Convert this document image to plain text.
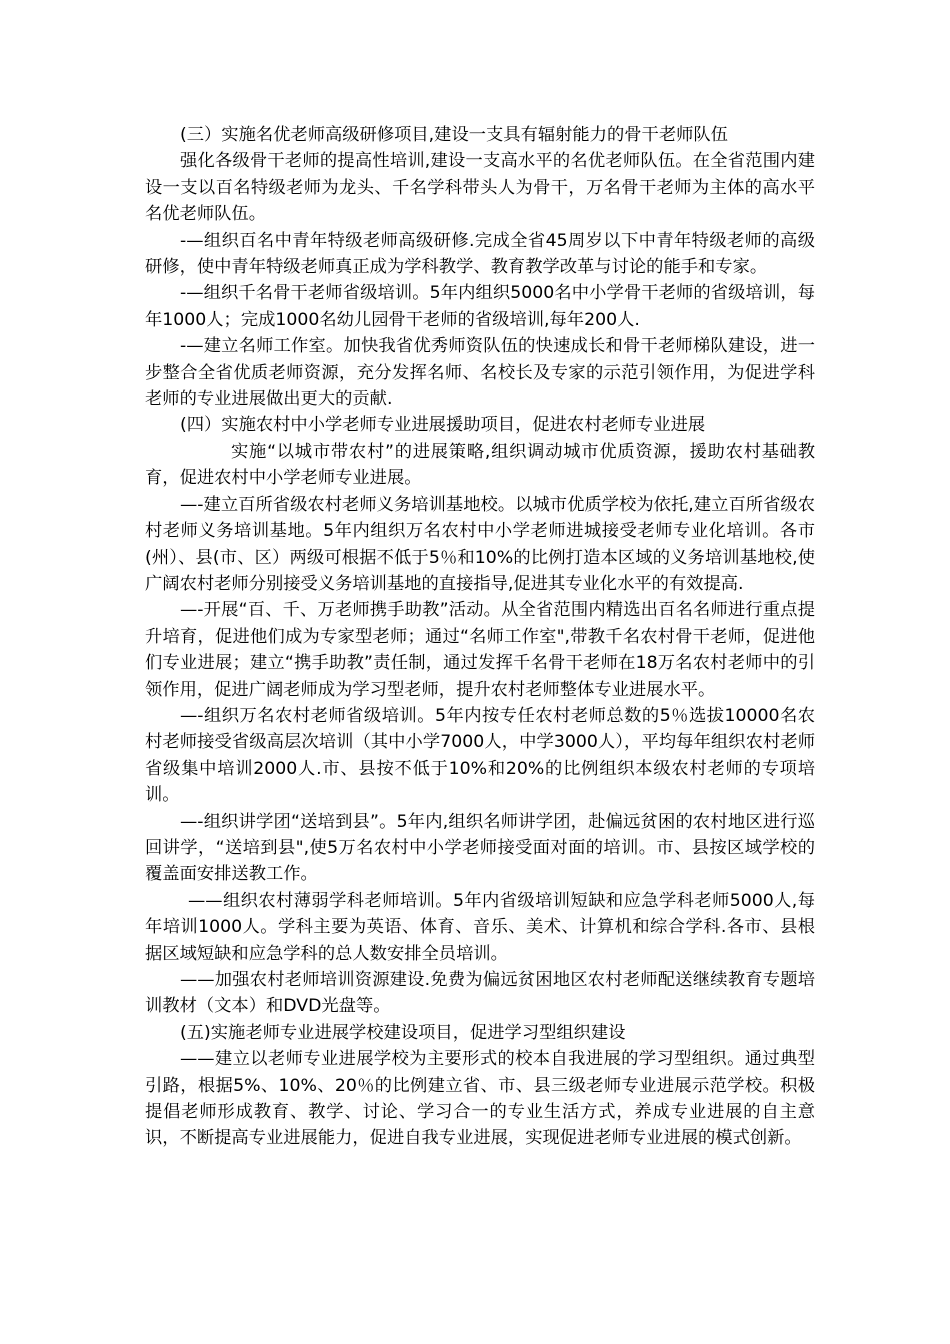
(三）实施名优老师高级研修项目,建设一支具有辐射能力的骨干老师队伍

强化各级骨干老师的提高性培训,建设一支高水平的名优老师队伍。在全省范围内建设一支以百名特级老师为龙头、千名学科带头人为骨干，万名骨干老师为主体的高水平名优老师队伍。

-—组织百名中青年特级老师高级研修.完成全省45周岁以下中青年特级老师的高级研修，使中青年特级老师真正成为学科教学、教育教学改革与讨论的能手和专家。

-—组织千名骨干老师省级培训。5年内组织5000名中小学骨干老师的省级培训，每年1000人；完成1000名幼儿园骨干老师的省级培训,每年200人.

-—建立名师工作室。加快我省优秀师资队伍的快速成长和骨干老师梯队建设，进一步整合全省优质老师资源，充分发挥名师、名校长及专家的示范引领作用，为促进学科老师的专业进展做出更大的贡献.

(四）实施农村中小学老师专业进展援助项目，促进农村老师专业进展

实施“以城市带农村”的进展策略,组织调动城市优质资源，援助农村基础教育，促进农村中小学老师专业进展。

—-建立百所省级农村老师义务培训基地校。以城市优质学校为依托,建立百所省级农村老师义务培训基地。5年内组织万名农村中小学老师进城接受老师专业化培训。各市(州）、县(市、区）两级可根据不低于5％和10%的比例打造本区域的义务培训基地校,使广阔农村老师分别接受义务培训基地的直接指导,促进其专业化水平的有效提高.

—-开展“百、千、万老师携手助教”活动。从全省范围内精选出百名名师进行重点提升培育，促进他们成为专家型老师；通过“名师工作室",带教千名农村骨干老师，促进他们专业进展；建立“携手助教”责任制，通过发挥千名骨干老师在18万名农村老师中的引领作用，促进广阔老师成为学习型老师，提升农村老师整体专业进展水平。

—-组织万名农村老师省级培训。5年内按专任农村老师总数的5％选拔10000名农村老师接受省级高层次培训（其中小学7000人，中学3000人），平均每年组织农村老师省级集中培训2000人.市、县按不低于10%和20%的比例组织本级农村老师的专项培训。

—-组织讲学团“送培到县”。5年内,组织名师讲学团，赴偏远贫困的农村地区进行巡回讲学，“送培到县",使5万名农村中小学老师接受面对面的培训。市、县按区域学校的覆盖面安排送教工作。

——组织农村薄弱学科老师培训。5年内省级培训短缺和应急学科老师5000人,每年培训1000人。学科主要为英语、体育、音乐、美术、计算机和综合学科.各市、县根据区域短缺和应急学科的总人数安排全员培训。

——加强农村老师培训资源建设.免费为偏远贫困地区农村老师配送继续教育专题培训教材（文本）和DVD光盘等。

(五)实施老师专业进展学校建设项目，促进学习型组织建设

——建立以老师专业进展学校为主要形式的校本自我进展的学习型组织。通过典型引路，根据5%、10%、20％的比例建立省、市、县三级老师专业进展示范学校。积极提倡老师形成教育、教学、讨论、学习合一的专业生活方式，养成专业进展的自主意识，不断提高专业进展能力，促进自我专业进展，实现促进老师专业进展的模式创新。
